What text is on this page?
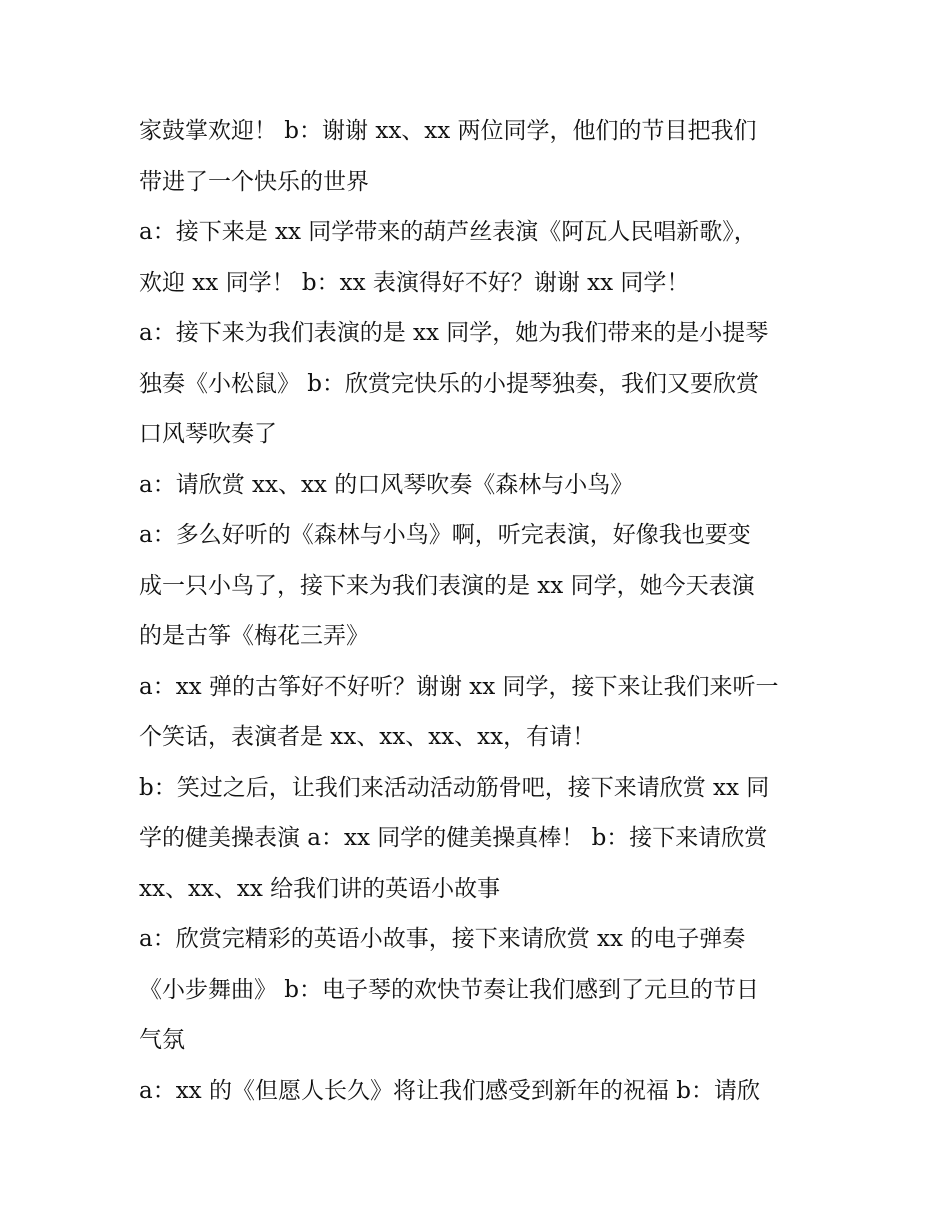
家鼓掌欢迎！ b：谢谢 xx、xx 两位同学，他们的节目把我们
带进了一个快乐的世界
a：接下来是 xx 同学带来的葫芦丝表演《阿瓦人民唱新歌》，
欢迎 xx 同学！ b：xx 表演得好不好？谢谢 xx 同学！
a：接下来为我们表演的是 xx 同学，她为我们带来的是小提琴
独奏《小松鼠》 b：欣赏完快乐的小提琴独奏，我们又要欣赏
口风琴吹奏了
a：请欣赏 xx、xx 的口风琴吹奏《森林与小鸟》
a：多么好听的《森林与小鸟》啊，听完表演，好像我也要变
成一只小鸟了，接下来为我们表演的是 xx 同学，她今天表演
的是古筝《梅花三弄》
a：xx 弹的古筝好不好听？谢谢 xx 同学，接下来让我们来听一
个笑话，表演者是 xx、xx、xx、xx，有请！
b：笑过之后，让我们来活动活动筋骨吧，接下来请欣赏 xx 同
学的健美操表演 a：xx 同学的健美操真棒！ b：接下来请欣赏
xx、xx、xx 给我们讲的英语小故事
a：欣赏完精彩的英语小故事，接下来请欣赏 xx 的电子弹奏
《小步舞曲》 b：电子琴的欢快节奏让我们感到了元旦的节日
气氛
a：xx 的《但愿人长久》将让我们感受到新年的祝福 b：请欣
